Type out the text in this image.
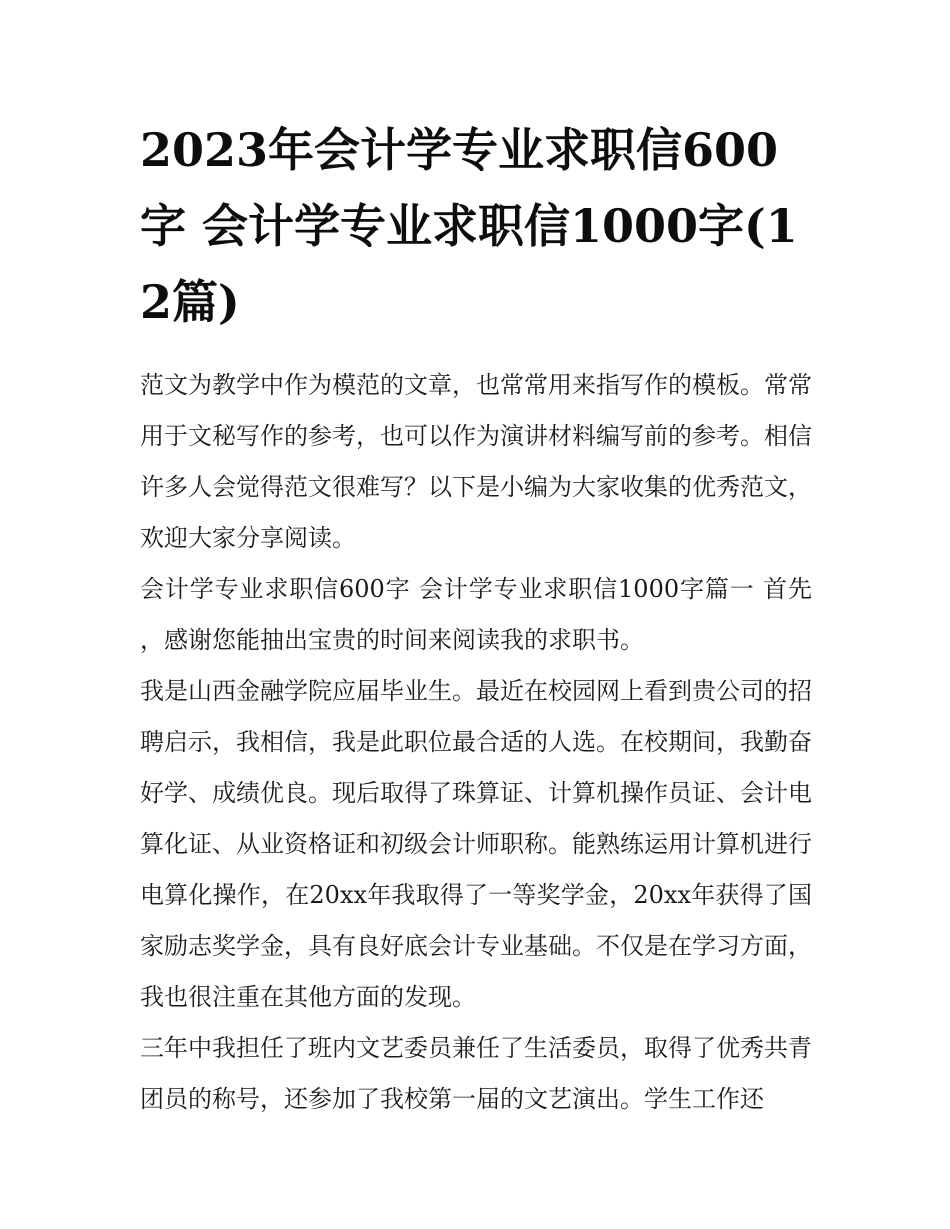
2023年会计学专业求职信600字 会计学专业求职信1000字(12篇)

范文为教学中作为模范的文章，也常常用来指写作的模板。常常用于文秘写作的参考，也可以作为演讲材料编写前的参考。相信许多人会觉得范文很难写？以下是小编为大家收集的优秀范文，欢迎大家分享阅读。

会计学专业求职信600字 会计学专业求职信1000字篇一 首先，感谢您能抽出宝贵的时间来阅读我的求职书。

我是山西金融学院应届毕业生。最近在校园网上看到贵公司的招聘启示，我相信，我是此职位最合适的人选。在校期间，我勤奋好学、成绩优良。现后取得了珠算证、计算机操作员证、会计电算化证、从业资格证和初级会计师职称。能熟练运用计算机进行电算化操作，在20xx年我取得了一等奖学金，20xx年获得了国家励志奖学金，具有良好底会计专业基础。不仅是在学习方面，我也很注重在其他方面的发现。

三年中我担任了班内文艺委员兼任了生活委员，取得了优秀共青团员的称号，还参加了我校第一届的文艺演出。学生工作还
